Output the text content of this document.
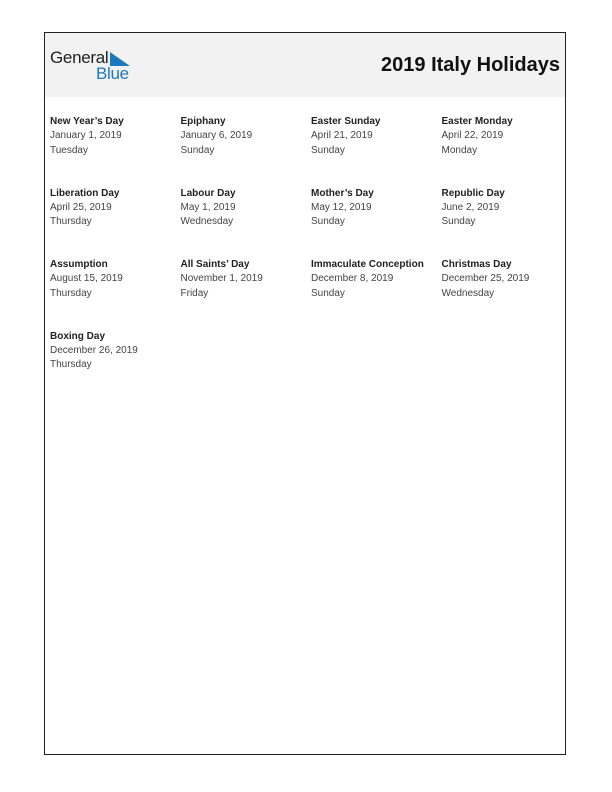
General
Blue	2019 Italy Holidays
New Year’s Day
January 1, 2019
Tuesday
Epiphany
January 6, 2019
Sunday
Easter Sunday
April 21, 2019
Sunday
Easter Monday
April 22, 2019
Monday
Liberation Day
April 25, 2019
Thursday
Labour Day
May 1, 2019
Wednesday
Mother’s Day
May 12, 2019
Sunday
Republic Day
June 2, 2019
Sunday
Assumption
August 15, 2019
Thursday
All Saints’ Day
November 1, 2019
Friday
Immaculate Conception
December 8, 2019
Sunday
Christmas Day
December 25, 2019
Wednesday
Boxing Day
December 26, 2019
Thursday
